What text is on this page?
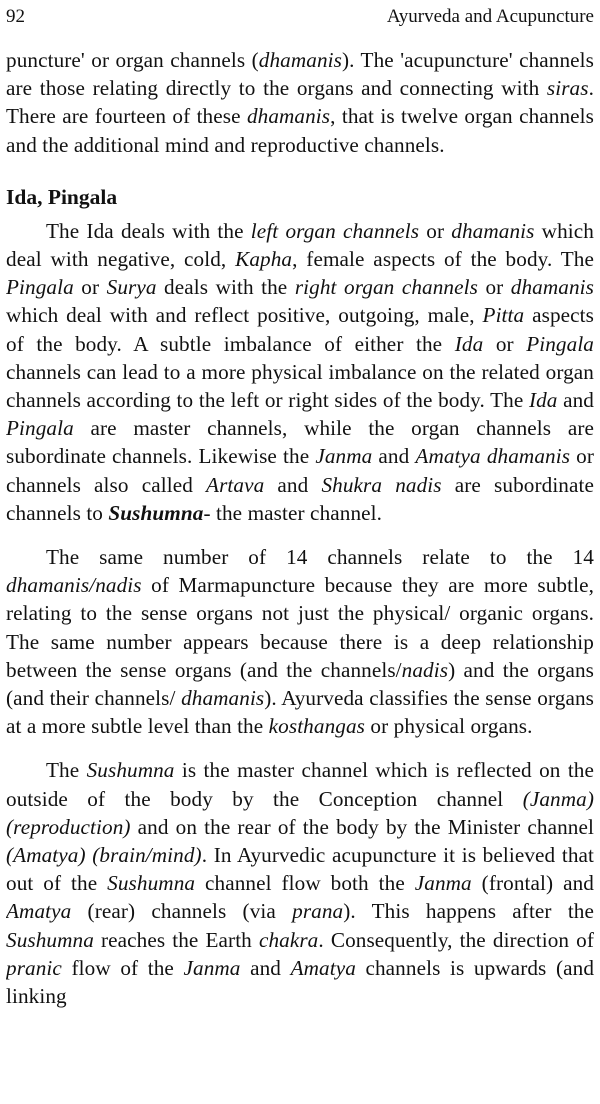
92	Ayurveda and Acupuncture

puncture' or organ channels (dhamanis). The 'acupuncture' channels are those relating directly to the organs and connecting with siras. There are fourteen of these dhamanis, that is twelve organ channels and the additional mind and reproductive channels.

Ida, Pingala

The Ida deals with the left organ channels or dhamanis which deal with negative, cold, Kapha, female aspects of the body. The Pingala or Surya deals with the right organ channels or dhamanis which deal with and reflect positive, outgoing, male, Pitta aspects of the body. A subtle imbalance of either the Ida or Pingala channels can lead to a more physical imbalance on the related organ channels according to the left or right sides of the body. The Ida and Pingala are master channels, while the organ channels are subordinate channels. Likewise the Janma and Amatya dhamanis or channels also called Artava and Shukra nadis are subordinate channels to Sushumna- the master channel.

The same number of 14 channels relate to the 14 dhamanis/nadis of Marmapuncture because they are more subtle, relating to the sense organs not just the physical/ organic organs. The same number appears because there is a deep relationship between the sense organs (and the channels/nadis) and the organs (and their channels/ dhamanis). Ayurveda classifies the sense organs at a more subtle level than the kosthangas or physical organs.

The Sushumna is the master channel which is reflected on the outside of the body by the Conception channel (Janma) (reproduction) and on the rear of the body by the Minister channel (Amatya) (brain/mind). In Ayurvedic acupuncture it is believed that out of the Sushumna channel flow both the Janma (frontal) and Amatya (rear) channels (via prana). This happens after the Sushumna reaches the Earth chakra. Consequently, the direction of pranic flow of the Janma and Amatya channels is upwards (and linking
